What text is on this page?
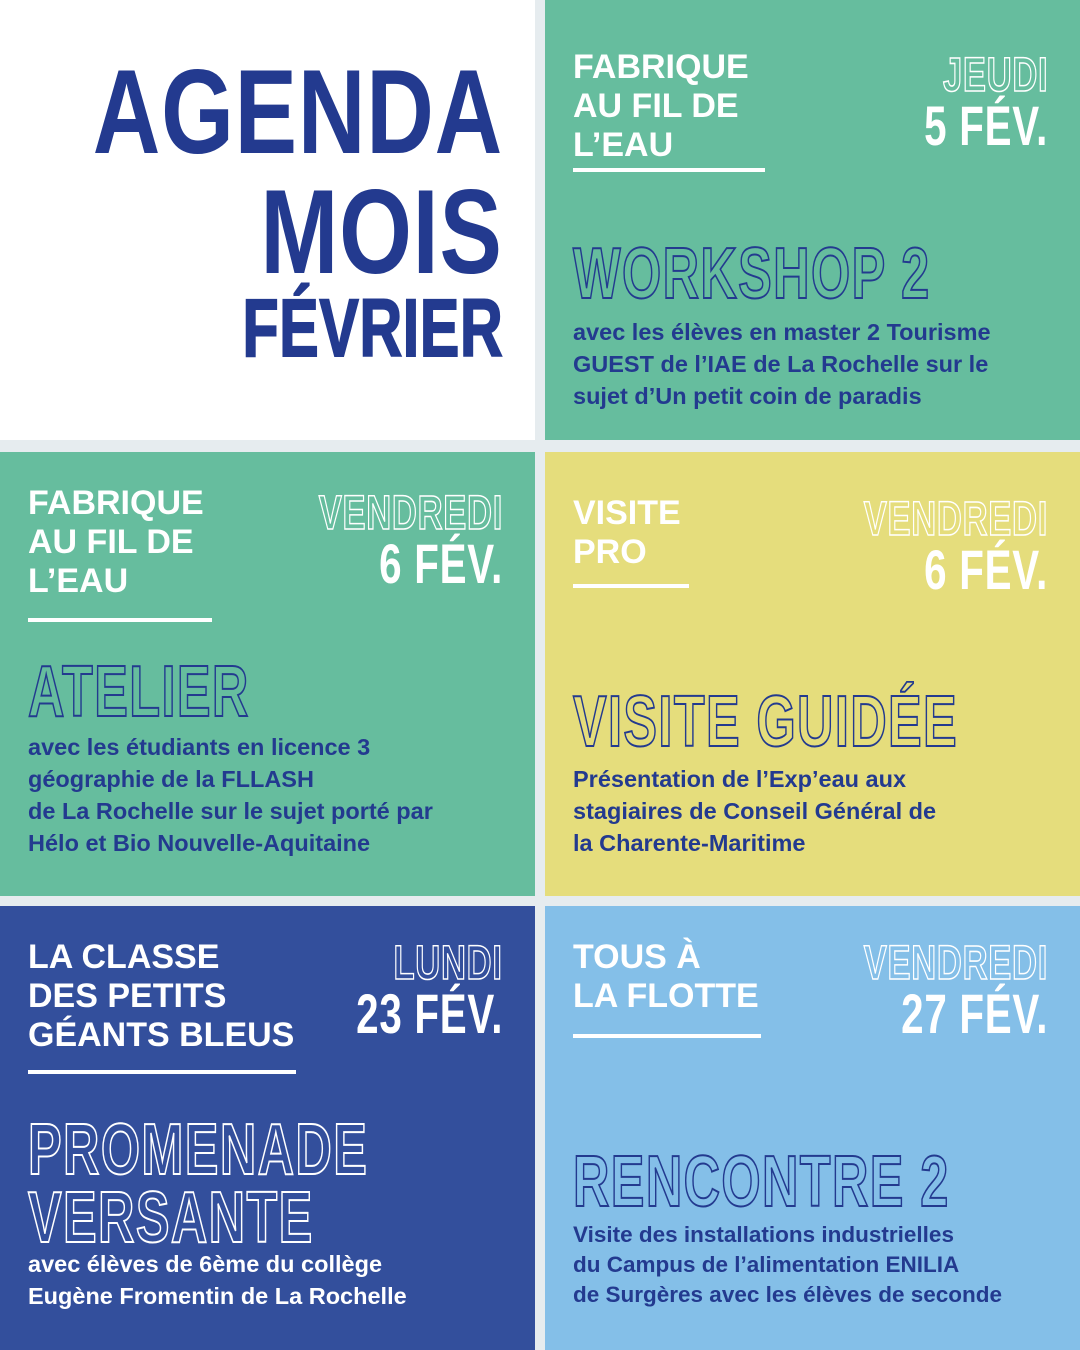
AGENDA
MOIS
FÉVRIER
FABRIQUE
AU FIL DE
L’EAU
JEUDI
5 FÉV.
WORKSHOP 2
avec les élèves en master 2 Tourisme
GUEST de l’IAE de La Rochelle sur le
sujet d’Un petit coin de paradis
FABRIQUE
AU FIL DE
L’EAU
VENDREDI
6 FÉV.
ATELIER
avec les étudiants en licence 3
géographie de la FLLASH
de La Rochelle sur le sujet porté par
Hélo et Bio Nouvelle-Aquitaine
VISITE
PRO
VENDREDI
6 FÉV.
VISITE GUIDÉE
Présentation de l’Exp’eau aux
stagiaires de Conseil Général de
la Charente-Maritime
LA CLASSE
DES PETITS
GÉANTS BLEUS
LUNDI
23 FÉV.
PROMENADE
VERSANTE
avec élèves de 6ème du collège
Eugène Fromentin de La Rochelle
TOUS À
LA FLOTTE
VENDREDI
27 FÉV.
RENCONTRE 2
Visite des installations industrielles
du Campus de l’alimentation ENILIA
de Surgères avec les élèves de seconde
